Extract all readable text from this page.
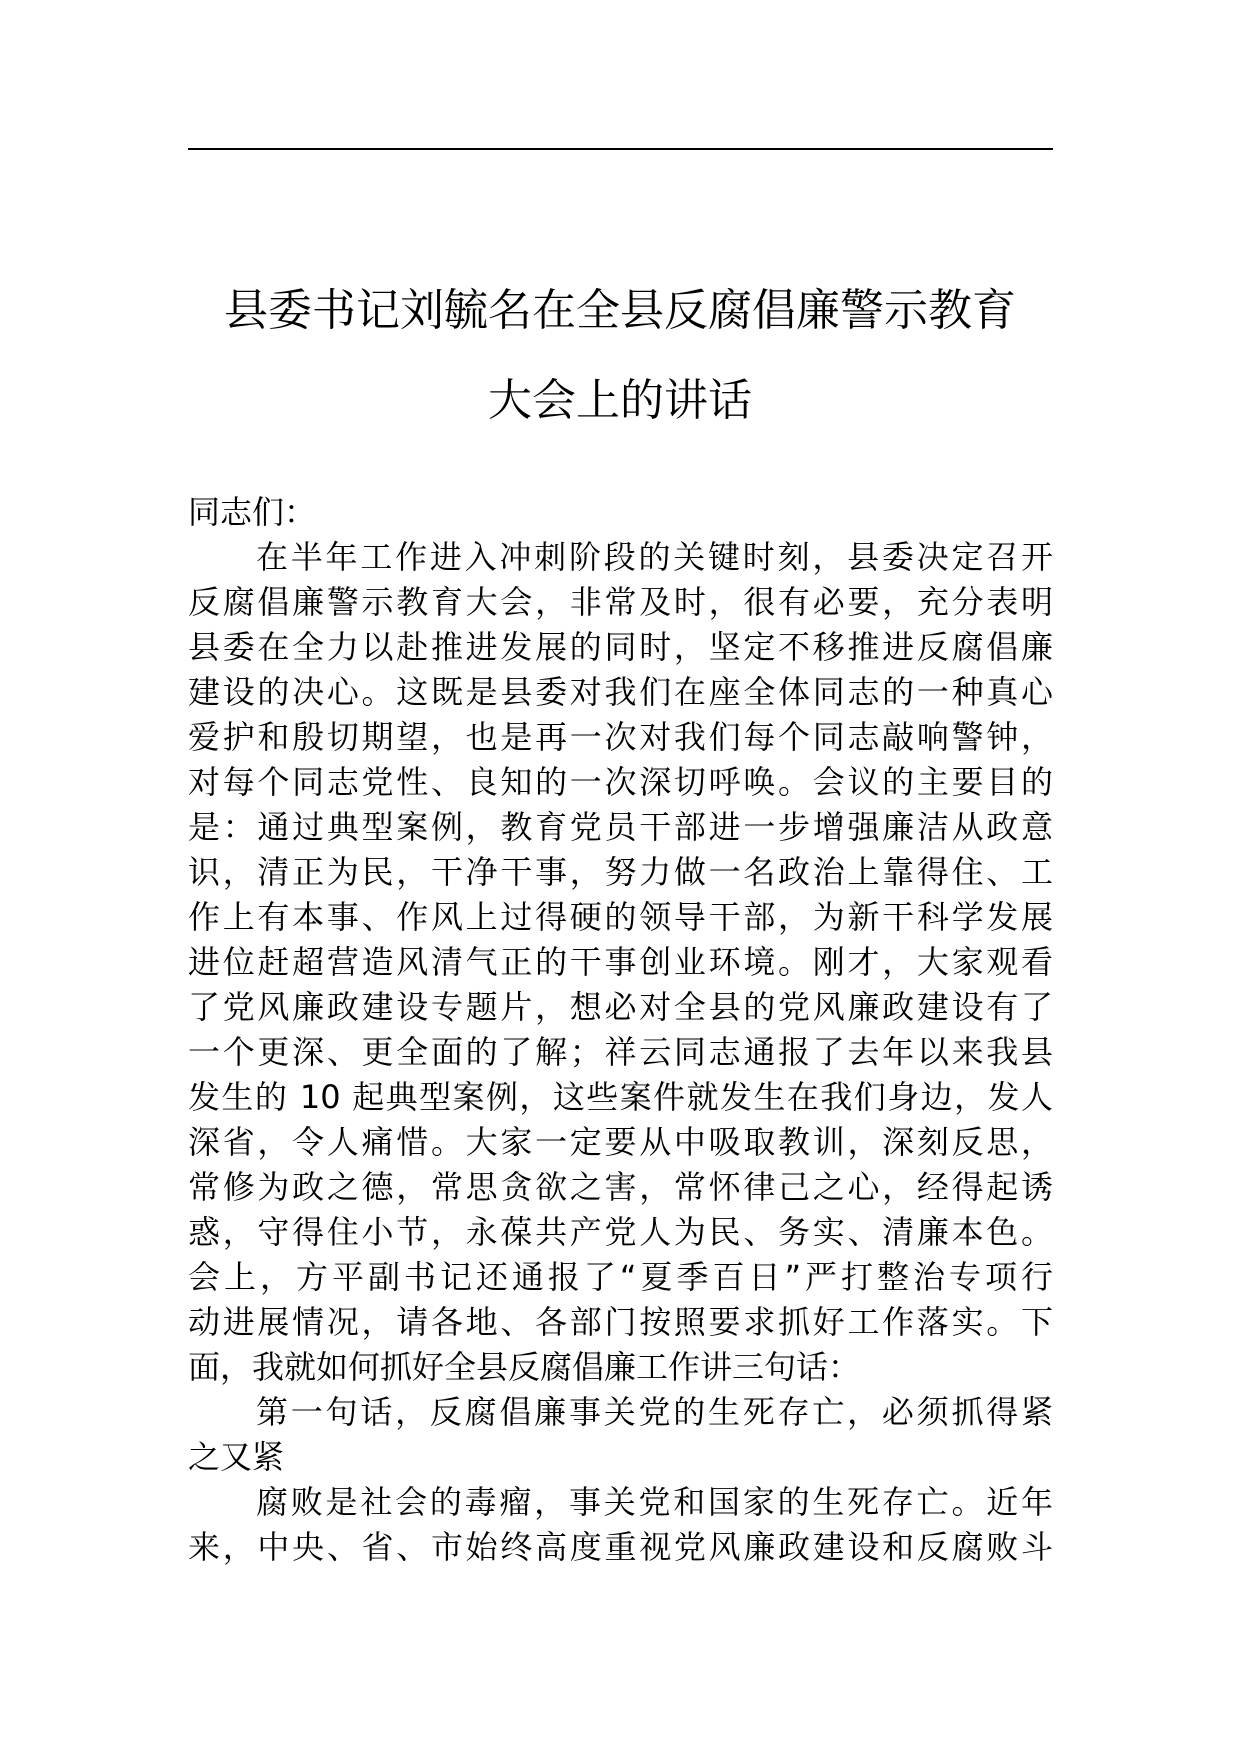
县委书记刘毓名在全县反腐倡廉警示教育
大会上的讲话
同志们：
在半年工作进入冲刺阶段的关键时刻，县委决定召开
反腐倡廉警示教育大会，非常及时，很有必要，充分表明
县委在全力以赴推进发展的同时，坚定不移推进反腐倡廉
建设的决心。这既是县委对我们在座全体同志的一种真心
爱护和殷切期望，也是再一次对我们每个同志敲响警钟，
对每个同志党性、良知的一次深切呼唤。会议的主要目的
是：通过典型案例，教育党员干部进一步增强廉洁从政意
识，清正为民，干净干事，努力做一名政治上靠得住、工
作上有本事、作风上过得硬的领导干部，为新干科学发展
进位赶超营造风清气正的干事创业环境。刚才，大家观看
了党风廉政建设专题片，想必对全县的党风廉政建设有了
一个更深、更全面的了解；祥云同志通报了去年以来我县
发生的 10 起典型案例，这些案件就发生在我们身边，发人
深省，令人痛惜。大家一定要从中吸取教训，深刻反思，
常修为政之德，常思贪欲之害，常怀律己之心，经得起诱
惑，守得住小节，永葆共产党人为民、务实、清廉本色。
会上，方平副书记还通报了“夏季百日”严打整治专项行
动进展情况，请各地、各部门按照要求抓好工作落实。下
面，我就如何抓好全县反腐倡廉工作讲三句话：
第一句话，反腐倡廉事关党的生死存亡，必须抓得紧
之又紧
腐败是社会的毒瘤，事关党和国家的生死存亡。近年
来，中央、省、市始终高度重视党风廉政建设和反腐败斗
